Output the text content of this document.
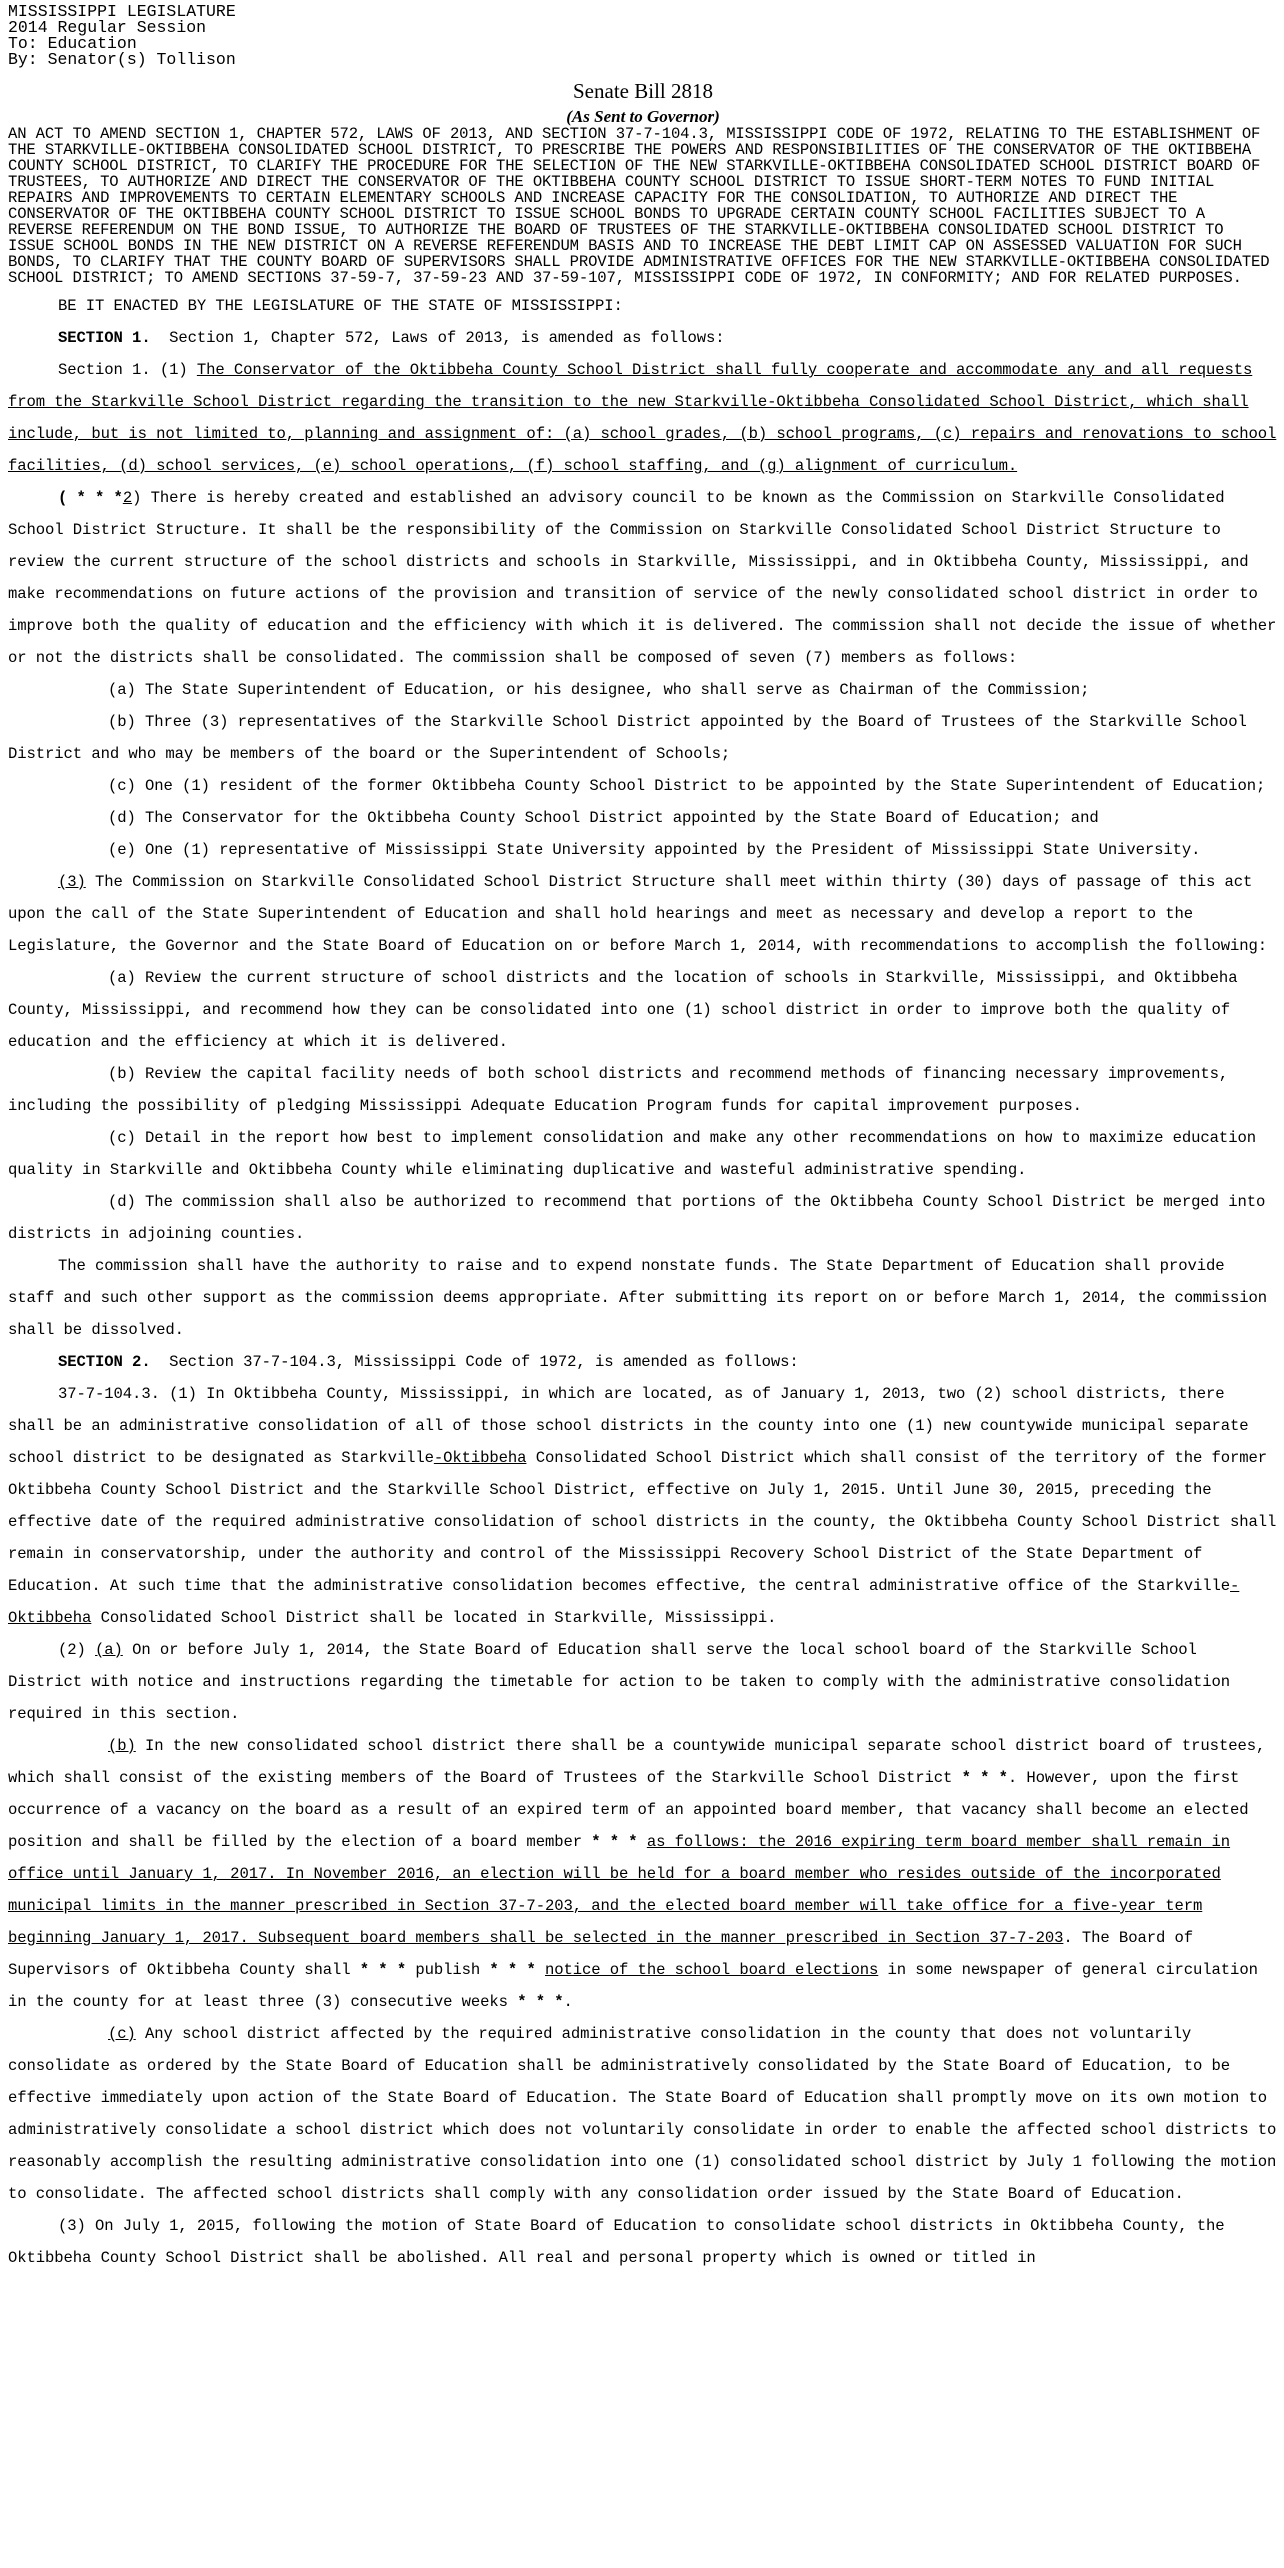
MISSISSIPPI LEGISLATURE
2014 Regular Session
To: Education
By: Senator(s) Tollison
Senate Bill 2818
(As Sent to Governor)
AN ACT TO AMEND SECTION 1, CHAPTER 572, LAWS OF 2013, AND SECTION 37-7-104.3, MISSISSIPPI CODE OF 1972, RELATING TO THE ESTABLISHMENT OF THE STARKVILLE-OKTIBBEHA CONSOLIDATED SCHOOL DISTRICT, TO PRESCRIBE THE POWERS AND RESPONSIBILITIES OF THE CONSERVATOR OF THE OKTIBBEHA COUNTY SCHOOL DISTRICT, TO CLARIFY THE PROCEDURE FOR THE SELECTION OF THE NEW STARKVILLE-OKTIBBEHA CONSOLIDATED SCHOOL DISTRICT BOARD OF TRUSTEES, TO AUTHORIZE AND DIRECT THE CONSERVATOR OF THE OKTIBBEHA COUNTY SCHOOL DISTRICT TO ISSUE SHORT-TERM NOTES TO FUND INITIAL REPAIRS AND IMPROVEMENTS TO CERTAIN ELEMENTARY SCHOOLS AND INCREASE CAPACITY FOR THE CONSOLIDATION, TO AUTHORIZE AND DIRECT THE CONSERVATOR OF THE OKTIBBEHA COUNTY SCHOOL DISTRICT TO ISSUE SCHOOL BONDS TO UPGRADE CERTAIN COUNTY SCHOOL FACILITIES SUBJECT TO A REVERSE REFERENDUM ON THE BOND ISSUE, TO AUTHORIZE THE BOARD OF TRUSTEES OF THE STARKVILLE-OKTIBBEHA CONSOLIDATED SCHOOL DISTRICT TO ISSUE SCHOOL BONDS IN THE NEW DISTRICT ON A REVERSE REFERENDUM BASIS AND TO INCREASE THE DEBT LIMIT CAP ON ASSESSED VALUATION FOR SUCH BONDS, TO CLARIFY THAT THE COUNTY BOARD OF SUPERVISORS SHALL PROVIDE ADMINISTRATIVE OFFICES FOR THE NEW STARKVILLE-OKTIBBEHA CONSOLIDATED SCHOOL DISTRICT; TO AMEND SECTIONS 37-59-7, 37-59-23 AND 37-59-107, MISSISSIPPI CODE OF 1972, IN CONFORMITY; AND FOR RELATED PURPOSES.
BE IT ENACTED BY THE LEGISLATURE OF THE STATE OF MISSISSIPPI:
SECTION 1. Section 1, Chapter 572, Laws of 2013, is amended as follows:
Section 1. (1) The Conservator of the Oktibbeha County School District shall fully cooperate and accommodate any and all requests from the Starkville School District regarding the transition to the new Starkville-Oktibbeha Consolidated School District, which shall include, but is not limited to, planning and assignment of: (a) school grades, (b) school programs, (c) repairs and renovations to school facilities, (d) school services, (e) school operations, (f) school staffing, and (g) alignment of curriculum.
( * * *2) There is hereby created and established an advisory council to be known as the Commission on Starkville Consolidated School District Structure. It shall be the responsibility of the Commission on Starkville Consolidated School District Structure to review the current structure of the school districts and schools in Starkville, Mississippi, and in Oktibbeha County, Mississippi, and make recommendations on future actions of the provision and transition of service of the newly consolidated school district in order to improve both the quality of education and the efficiency with which it is delivered. The commission shall not decide the issue of whether or not the districts shall be consolidated. The commission shall be composed of seven (7) members as follows:
(a) The State Superintendent of Education, or his designee, who shall serve as Chairman of the Commission;
(b) Three (3) representatives of the Starkville School District appointed by the Board of Trustees of the Starkville School District and who may be members of the board or the Superintendent of Schools;
(c) One (1) resident of the former Oktibbeha County School District to be appointed by the State Superintendent of Education;
(d) The Conservator for the Oktibbeha County School District appointed by the State Board of Education; and
(e) One (1) representative of Mississippi State University appointed by the President of Mississippi State University.
(3) The Commission on Starkville Consolidated School District Structure shall meet within thirty (30) days of passage of this act upon the call of the State Superintendent of Education and shall hold hearings and meet as necessary and develop a report to the Legislature, the Governor and the State Board of Education on or before March 1, 2014, with recommendations to accomplish the following:
(a) Review the current structure of school districts and the location of schools in Starkville, Mississippi, and Oktibbeha County, Mississippi, and recommend how they can be consolidated into one (1) school district in order to improve both the quality of education and the efficiency at which it is delivered.
(b) Review the capital facility needs of both school districts and recommend methods of financing necessary improvements, including the possibility of pledging Mississippi Adequate Education Program funds for capital improvement purposes.
(c) Detail in the report how best to implement consolidation and make any other recommendations on how to maximize education quality in Starkville and Oktibbeha County while eliminating duplicative and wasteful administrative spending.
(d) The commission shall also be authorized to recommend that portions of the Oktibbeha County School District be merged into districts in adjoining counties.
The commission shall have the authority to raise and to expend nonstate funds. The State Department of Education shall provide staff and such other support as the commission deems appropriate. After submitting its report on or before March 1, 2014, the commission shall be dissolved.
SECTION 2. Section 37-7-104.3, Mississippi Code of 1972, is amended as follows:
37-7-104.3. (1) In Oktibbeha County, Mississippi, in which are located, as of January 1, 2013, two (2) school districts, there shall be an administrative consolidation of all of those school districts in the county into one (1) new countywide municipal separate school district to be designated as Starkville-Oktibbeha Consolidated School District which shall consist of the territory of the former Oktibbeha County School District and the Starkville School District, effective on July 1, 2015. Until June 30, 2015, preceding the effective date of the required administrative consolidation of school districts in the county, the Oktibbeha County School District shall remain in conservatorship, under the authority and control of the Mississippi Recovery School District of the State Department of Education. At such time that the administrative consolidation becomes effective, the central administrative office of the Starkville-Oktibbeha Consolidated School District shall be located in Starkville, Mississippi.
(2) (a) On or before July 1, 2014, the State Board of Education shall serve the local school board of the Starkville School District with notice and instructions regarding the timetable for action to be taken to comply with the administrative consolidation required in this section.
(b) In the new consolidated school district there shall be a countywide municipal separate school district board of trustees, which shall consist of the existing members of the Board of Trustees of the Starkville School District * * *. However, upon the first occurrence of a vacancy on the board as a result of an expired term of an appointed board member, that vacancy shall become an elected position and shall be filled by the election of a board member * * * as follows: the 2016 expiring term board member shall remain in office until January 1, 2017. In November 2016, an election will be held for a board member who resides outside of the incorporated municipal limits in the manner prescribed in Section 37-7-203, and the elected board member will take office for a five-year term beginning January 1, 2017. Subsequent board members shall be selected in the manner prescribed in Section 37-7-203. The Board of Supervisors of Oktibbeha County shall * * * publish * * * notice of the school board elections in some newspaper of general circulation in the county for at least three (3) consecutive weeks * * *.
(c) Any school district affected by the required administrative consolidation in the county that does not voluntarily consolidate as ordered by the State Board of Education shall be administratively consolidated by the State Board of Education, to be effective immediately upon action of the State Board of Education. The State Board of Education shall promptly move on its own motion to administratively consolidate a school district which does not voluntarily consolidate in order to enable the affected school districts to reasonably accomplish the resulting administrative consolidation into one (1) consolidated school district by July 1 following the motion to consolidate. The affected school districts shall comply with any consolidation order issued by the State Board of Education.
(3) On July 1, 2015, following the motion of State Board of Education to consolidate school districts in Oktibbeha County, the Oktibbeha County School District shall be abolished. All real and personal property which is owned or titled in
